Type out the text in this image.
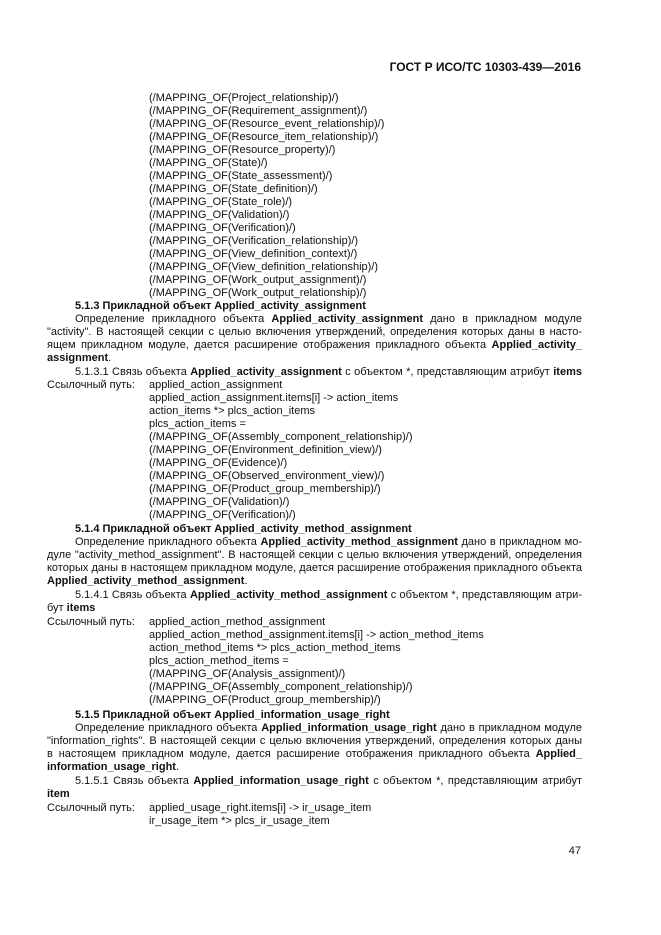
ГОСТ Р ИСО/ТС 10303-439—2016
(/MAPPING_OF(Project_relationship)/)
(/MAPPING_OF(Requirement_assignment)/)
(/MAPPING_OF(Resource_event_relationship)/)
(/MAPPING_OF(Resource_item_relationship)/)
(/MAPPING_OF(Resource_property)/)
(/MAPPING_OF(State)/)
(/MAPPING_OF(State_assessment)/)
(/MAPPING_OF(State_definition)/)
(/MAPPING_OF(State_role)/)
(/MAPPING_OF(Validation)/)
(/MAPPING_OF(Verification)/)
(/MAPPING_OF(Verification_relationship)/)
(/MAPPING_OF(View_definition_context)/)
(/MAPPING_OF(View_definition_relationship)/)
(/MAPPING_OF(Work_output_assignment)/)
(/MAPPING_OF(Work_output_relationship)/)
5.1.3 Прикладной объект Applied_activity_assignment
Определение прикладного объекта Applied_activity_assignment дано в прикладном модуле
"activity". В настоящей секции с целью включения утверждений, определения которых даны в насто-
ящем прикладном модуле, дается расширение отображения прикладного объекта Applied_activity_
assignment.
5.1.3.1 Связь объекта Applied_activity_assignment с объектом *, представляющим атрибут items
Ссылочный путь: applied_action_assignment
applied_action_assignment.items[i] -> action_items
action_items *> plcs_action_items
plcs_action_items =
(/MAPPING_OF(Assembly_component_relationship)/)
(/MAPPING_OF(Environment_definition_view)/)
(/MAPPING_OF(Evidence)/)
(/MAPPING_OF(Observed_environment_view)/)
(/MAPPING_OF(Product_group_membership)/)
(/MAPPING_OF(Validation)/)
(/MAPPING_OF(Verification)/)
5.1.4 Прикладной объект Applied_activity_method_assignment
Определение прикладного объекта Applied_activity_method_assignment дано в прикладном мо-
дуле "activity_method_assignment". В настоящей секции с целью включения утверждений, определения
которых даны в настоящем прикладном модуле, дается расширение отображения прикладного объекта
Applied_activity_method_assignment.
5.1.4.1 Связь объекта Applied_activity_method_assignment с объектом *, представляющим атри-
бут items
Ссылочный путь: applied_action_method_assignment
applied_action_method_assignment.items[i] -> action_method_items
action_method_items *> plcs_action_method_items
plcs_action_method_items =
(/MAPPING_OF(Analysis_assignment)/)
(/MAPPING_OF(Assembly_component_relationship)/)
(/MAPPING_OF(Product_group_membership)/)
5.1.5 Прикладной объект Applied_information_usage_right
Определение прикладного объекта Applied_information_usage_right дано в прикладном модуле
"information_rights". В настоящей секции с целью включения утверждений, определения которых даны
в настоящем прикладном модуле, дается расширение отображения прикладного объекта Applied_
information_usage_right.
5.1.5.1 Связь объекта Applied_information_usage_right с объектом *, представляющим атрибут
item
Ссылочный путь: applied_usage_right.items[i] -> ir_usage_item
ir_usage_item *> plcs_ir_usage_item
47
